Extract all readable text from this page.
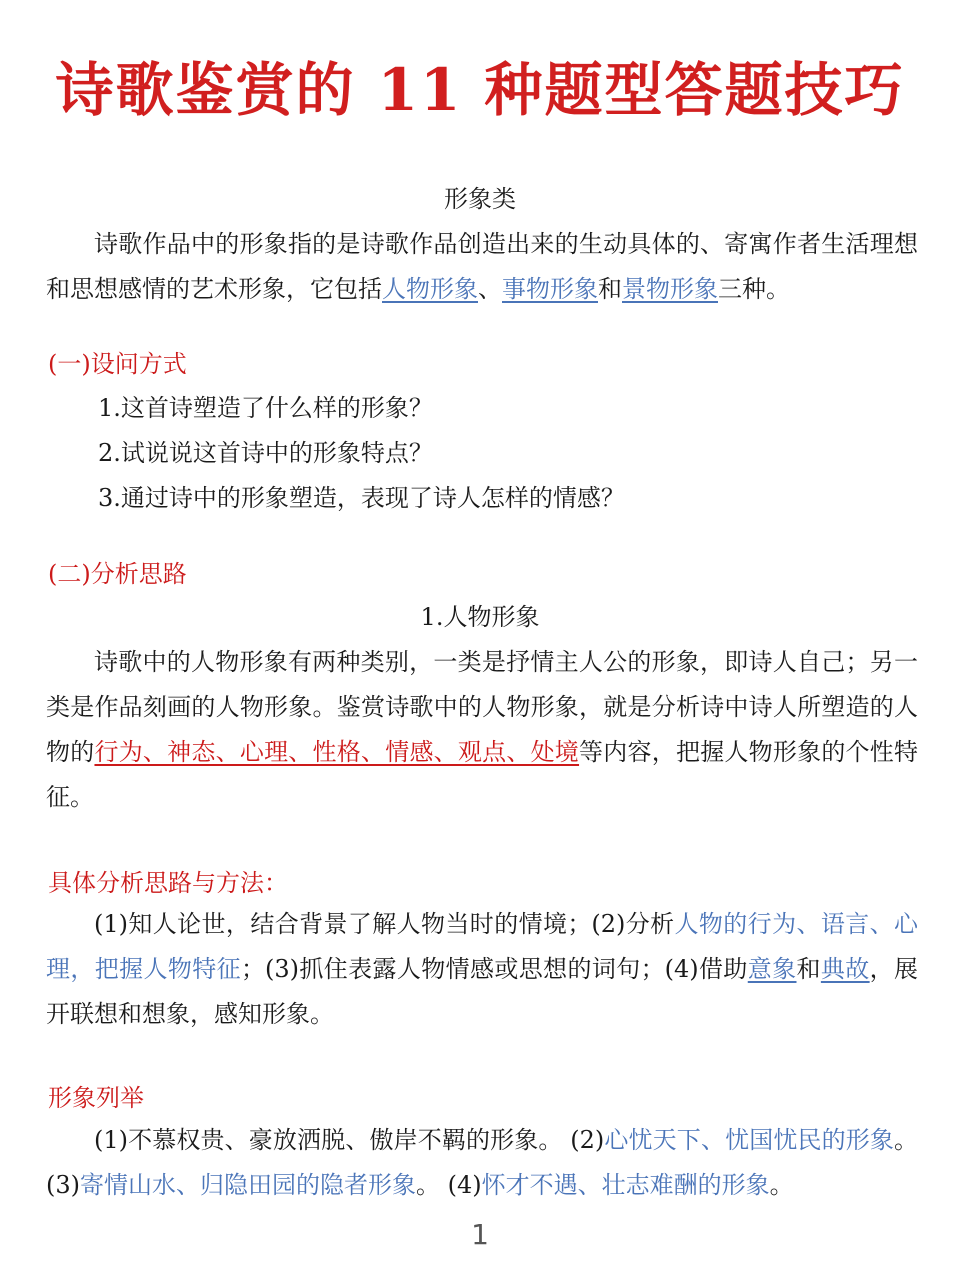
诗歌鉴赏的 11 种题型答题技巧
形象类

诗歌作品中的形象指的是诗歌作品创造出来的生动具体的、寄寓作者生活理想和思想感情的艺术形象，它包括人物形象、事物形象和景物形象三种。

(一)设问方式
1.这首诗塑造了什么样的形象？
2.试说说这首诗中的形象特点？
3.通过诗中的形象塑造，表现了诗人怎样的情感？
(二)分析思路
1.人物形象

诗歌中的人物形象有两种类别，一类是抒情主人公的形象，即诗人自己；另一类是作品刻画的人物形象。鉴赏诗歌中的人物形象，就是分析诗中诗人所塑造的人物的行为、神态、心理、性格、情感、观点、处境等内容，把握人物形象的个性特征。

具体分析思路与方法：

(1)知人论世，结合背景了解人物当时的情境；(2)分析人物的行为、语言、心理，把握人物特征；(3)抓住表露人物情感或思想的词句；(4)借助意象和典故，展开联想和想象，感知形象。

形象列举

(1)不慕权贵、豪放洒脱、傲岸不羁的形象。 (2)心忧天下、忧国忧民的形象。 (3)寄情山水、归隐田园的隐者形象。 (4)怀才不遇、壮志难酬的形象。

1
